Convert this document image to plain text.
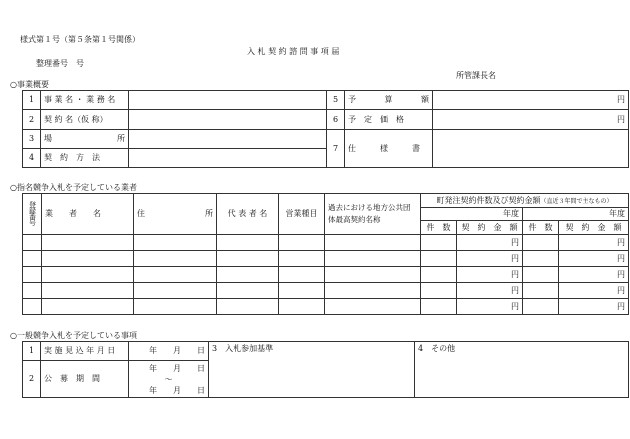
様式第１号（第５条第１号関係）
入 札 契 約 諮 問 事 項 届
整理番号　号
所管課長名
○事業概要
1	事 業 名 ・ 業 務 名		5	予 算 額	円
2	契 約 名（仮 称）		6	予　定　価　格	円
3	場 所		7	仕　　　様　　　書	
4	契　約　方　法				
○指名競争入札を予定している業者
登録番号	業　　者　　名	住 所	代 表 者 名	営業種目	過去における地方公共団体最高契約名称	町発注契約件数及び契約金額（直近３年間で主なもの）			
						年度		年度	
						件　数	契　約　金　額	件　数	契　約　金　額
							円		円
							円		円
							円		円
							円		円
							円		円
○一般競争入札を予定している事項
1	実 施 見 込 年 月 日	年　　月　　日	3　入札参加基準	4　その他
2	公　募　期　間	年　　月　　日
～
年　　月　　日		
